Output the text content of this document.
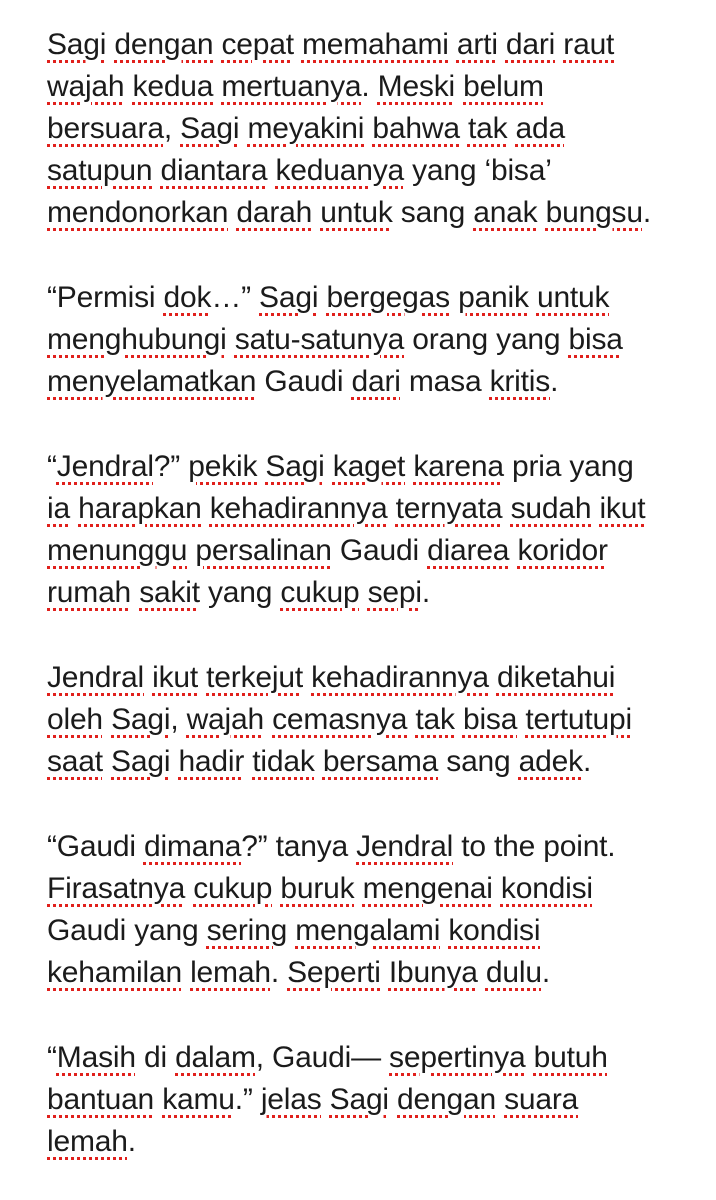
Sagi dengan cepat memahami arti dari raut
wajah kedua mertuanya. Meski belum
bersuara, Sagi meyakini bahwa tak ada
satupun diantara keduanya yang ‘bisa’
mendonorkan darah untuk sang anak bungsu.
“Permisi dok…” Sagi bergegas panik untuk
menghubungi satu-satunya orang yang bisa
menyelamatkan Gaudi dari masa kritis.
“Jendral?” pekik Sagi kaget karena pria yang
ia harapkan kehadirannya ternyata sudah ikut
menunggu persalinan Gaudi diarea koridor
rumah sakit yang cukup sepi.
Jendral ikut terkejut kehadirannya diketahui
oleh Sagi, wajah cemasnya tak bisa tertutupi
saat Sagi hadir tidak bersama sang adek.
“Gaudi dimana?” tanya Jendral to the point.
Firasatnya cukup buruk mengenai kondisi
Gaudi yang sering mengalami kondisi
kehamilan lemah. Seperti Ibunya dulu.
“Masih di dalam, Gaudi— sepertinya butuh
bantuan kamu.” jelas Sagi dengan suara
lemah.
